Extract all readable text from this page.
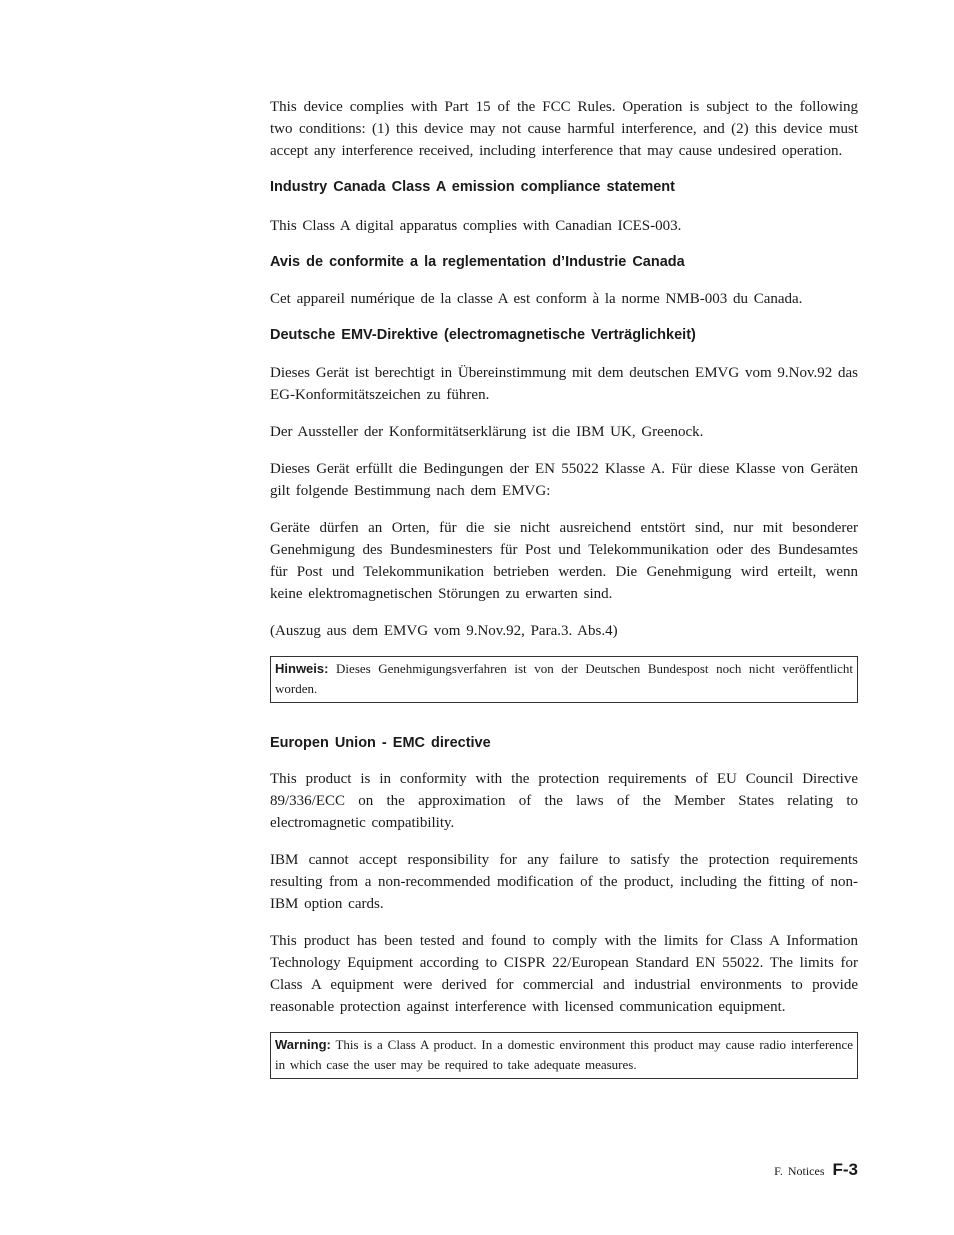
This device complies with Part 15 of the FCC Rules. Operation is subject to the following two conditions: (1) this device may not cause harmful interference, and (2) this device must accept any interference received, including interference that may cause undesired operation.

Industry Canada Class A emission compliance statement

This Class A digital apparatus complies with Canadian ICES-003.

Avis de conformite a la reglementation d’Industrie Canada

Cet appareil numérique de la classe A est conform à la norme NMB-003 du Canada.

Deutsche EMV-Direktive (electromagnetische Verträglichkeit)

Dieses Gerät ist berechtigt in Übereinstimmung mit dem deutschen EMVG vom 9.Nov.92 das EG-Konformitätszeichen zu führen.

Der Aussteller der Konformitätserklärung ist die IBM UK, Greenock.

Dieses Gerät erfüllt die Bedingungen der EN 55022 Klasse A. Für diese Klasse von Geräten gilt folgende Bestimmung nach dem EMVG:

Geräte dürfen an Orten, für die sie nicht ausreichend entstört sind, nur mit besonderer Genehmigung des Bundesminesters für Post und Telekommunikation oder des Bundesamtes für Post und Telekommunikation betrieben werden. Die Genehmigung wird erteilt, wenn keine elektromagnetischen Störungen zu erwarten sind.

(Auszug aus dem EMVG vom 9.Nov.92, Para.3. Abs.4)

Hinweis: Dieses Genehmigungsverfahren ist von der Deutschen Bundespost noch nicht veröffentlicht worden.
Europen Union - EMC directive

This product is in conformity with the protection requirements of EU Council Directive 89/336/ECC on the approximation of the laws of the Member States relating to electromagnetic compatibility.

IBM cannot accept responsibility for any failure to satisfy the protection requirements resulting from a non-recommended modification of the product, including the fitting of non-IBM option cards.

This product has been tested and found to comply with the limits for Class A Information Technology Equipment according to CISPR 22/European Standard EN 55022. The limits for Class A equipment were derived for commercial and industrial environments to provide reasonable protection against interference with licensed communication equipment.

Warning: This is a Class A product. In a domestic environment this product may cause radio interference in which case the user may be required to take adequate measures.
F. Notices F-3
